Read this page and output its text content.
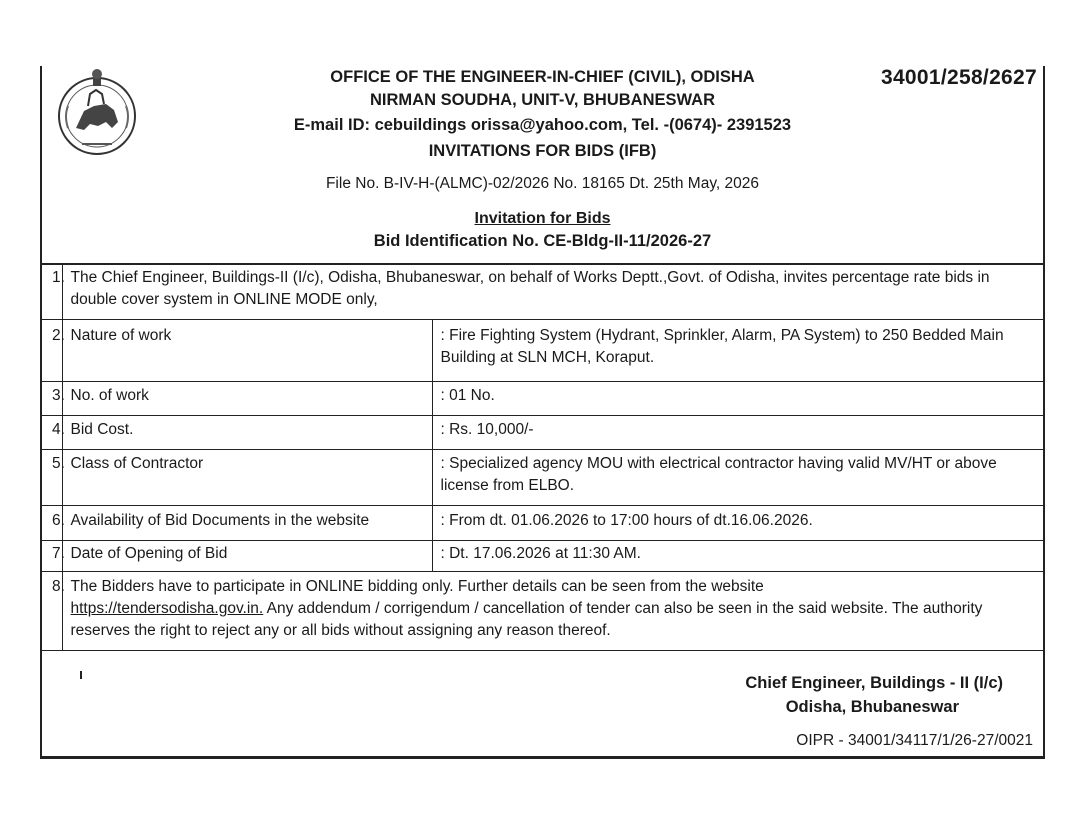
34001/258/2627
OFFICE OF THE ENGINEER-IN-CHIEF (CIVIL), ODISHA
NIRMAN SOUDHA, UNIT-V, BHUBANESWAR
E-mail ID: cebuildings orissa@yahoo.com, Tel. -(0674)- 2391523
INVITATIONS FOR BIDS (IFB)
File No. B-IV-H-(ALMC)-02/2026 No. 18165 Dt. 25th May, 2026
Invitation for Bids
Bid Identification No. CE-Bldg-II-11/2026-27
1.	The Chief Engineer, Buildings-II (I/c), Odisha, Bhubaneswar, on behalf of Works Deptt.,Govt. of Odisha, invites percentage rate bids in double cover system in ONLINE MODE only,	
2.	Nature of work	: Fire Fighting System (Hydrant, Sprinkler, Alarm, PA System) to 250 Bedded Main Building at SLN MCH, Koraput.
3.	No. of work	: 01 No.
4.	Bid Cost.	: Rs. 10,000/-
5.	Class of Contractor	: Specialized agency MOU with electrical contractor having valid MV/HT or above license from ELBO.
6.	Availability of Bid Documents in the website	: From dt. 01.06.2026 to 17:00 hours of dt.16.06.2026.
7.	Date of Opening of Bid	: Dt. 17.06.2026 at 11:30 AM.
8.	The Bidders have to participate in ONLINE bidding only. Further details can be seen from the website
https://tendersodisha.gov.in. Any addendum / corrigendum / cancellation of tender can also be seen in the said website. The authority reserves the right to reject any or all bids without assigning any reason thereof.	
Chief Engineer, Buildings - II (I/c)
Odisha, Bhubaneswar
OIPR - 34001/34117/1/26-27/0021
